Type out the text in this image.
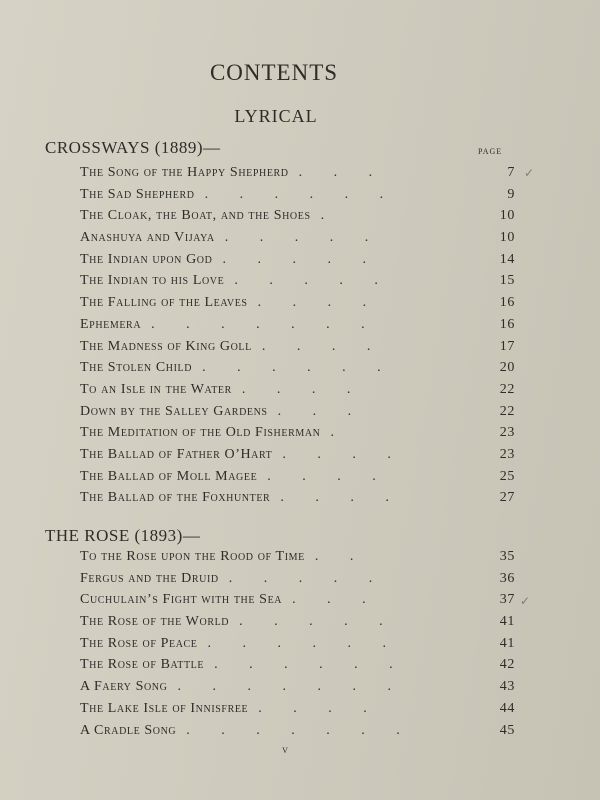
CONTENTS
LYRICAL
CROSSWAYS (1889)—	PAGE
The Song of the Happy Shepherd . . .	7
The Sad Shepherd . . . . . .	9
The Cloak, the Boat, and the Shoes .	10
Anashuya and Vijaya . . . . .	10
The Indian upon God . . . . .	14
The Indian to his Love . . . . .	15
The Falling of the Leaves . . . .	16
Ephemera . . . . . . .	16
The Madness of King Goll . . . .	17
The Stolen Child . . . . . .	20
To an Isle in the Water . . . .	22
Down by the Salley Gardens . . .	22
The Meditation of the Old Fisherman .	23
The Ballad of Father O’Hart . . . .	23
The Ballad of Moll Magee . . . .	25
The Ballad of the Foxhunter . . . .	27
THE ROSE (1893)—
To the Rose upon the Rood of Time . .	35
Fergus and the Druid . . . . .	36
Cuchulain’s Fight with the Sea . . .	37
The Rose of the World . . . . .	41
The Rose of Peace . . . . . .	41
The Rose of Battle . . . . . .	42
A Faery Song . . . . . . .	43
The Lake Isle of Innisfree . . . .	44
A Cradle Song . . . . . . .	45
v
✓
✓
